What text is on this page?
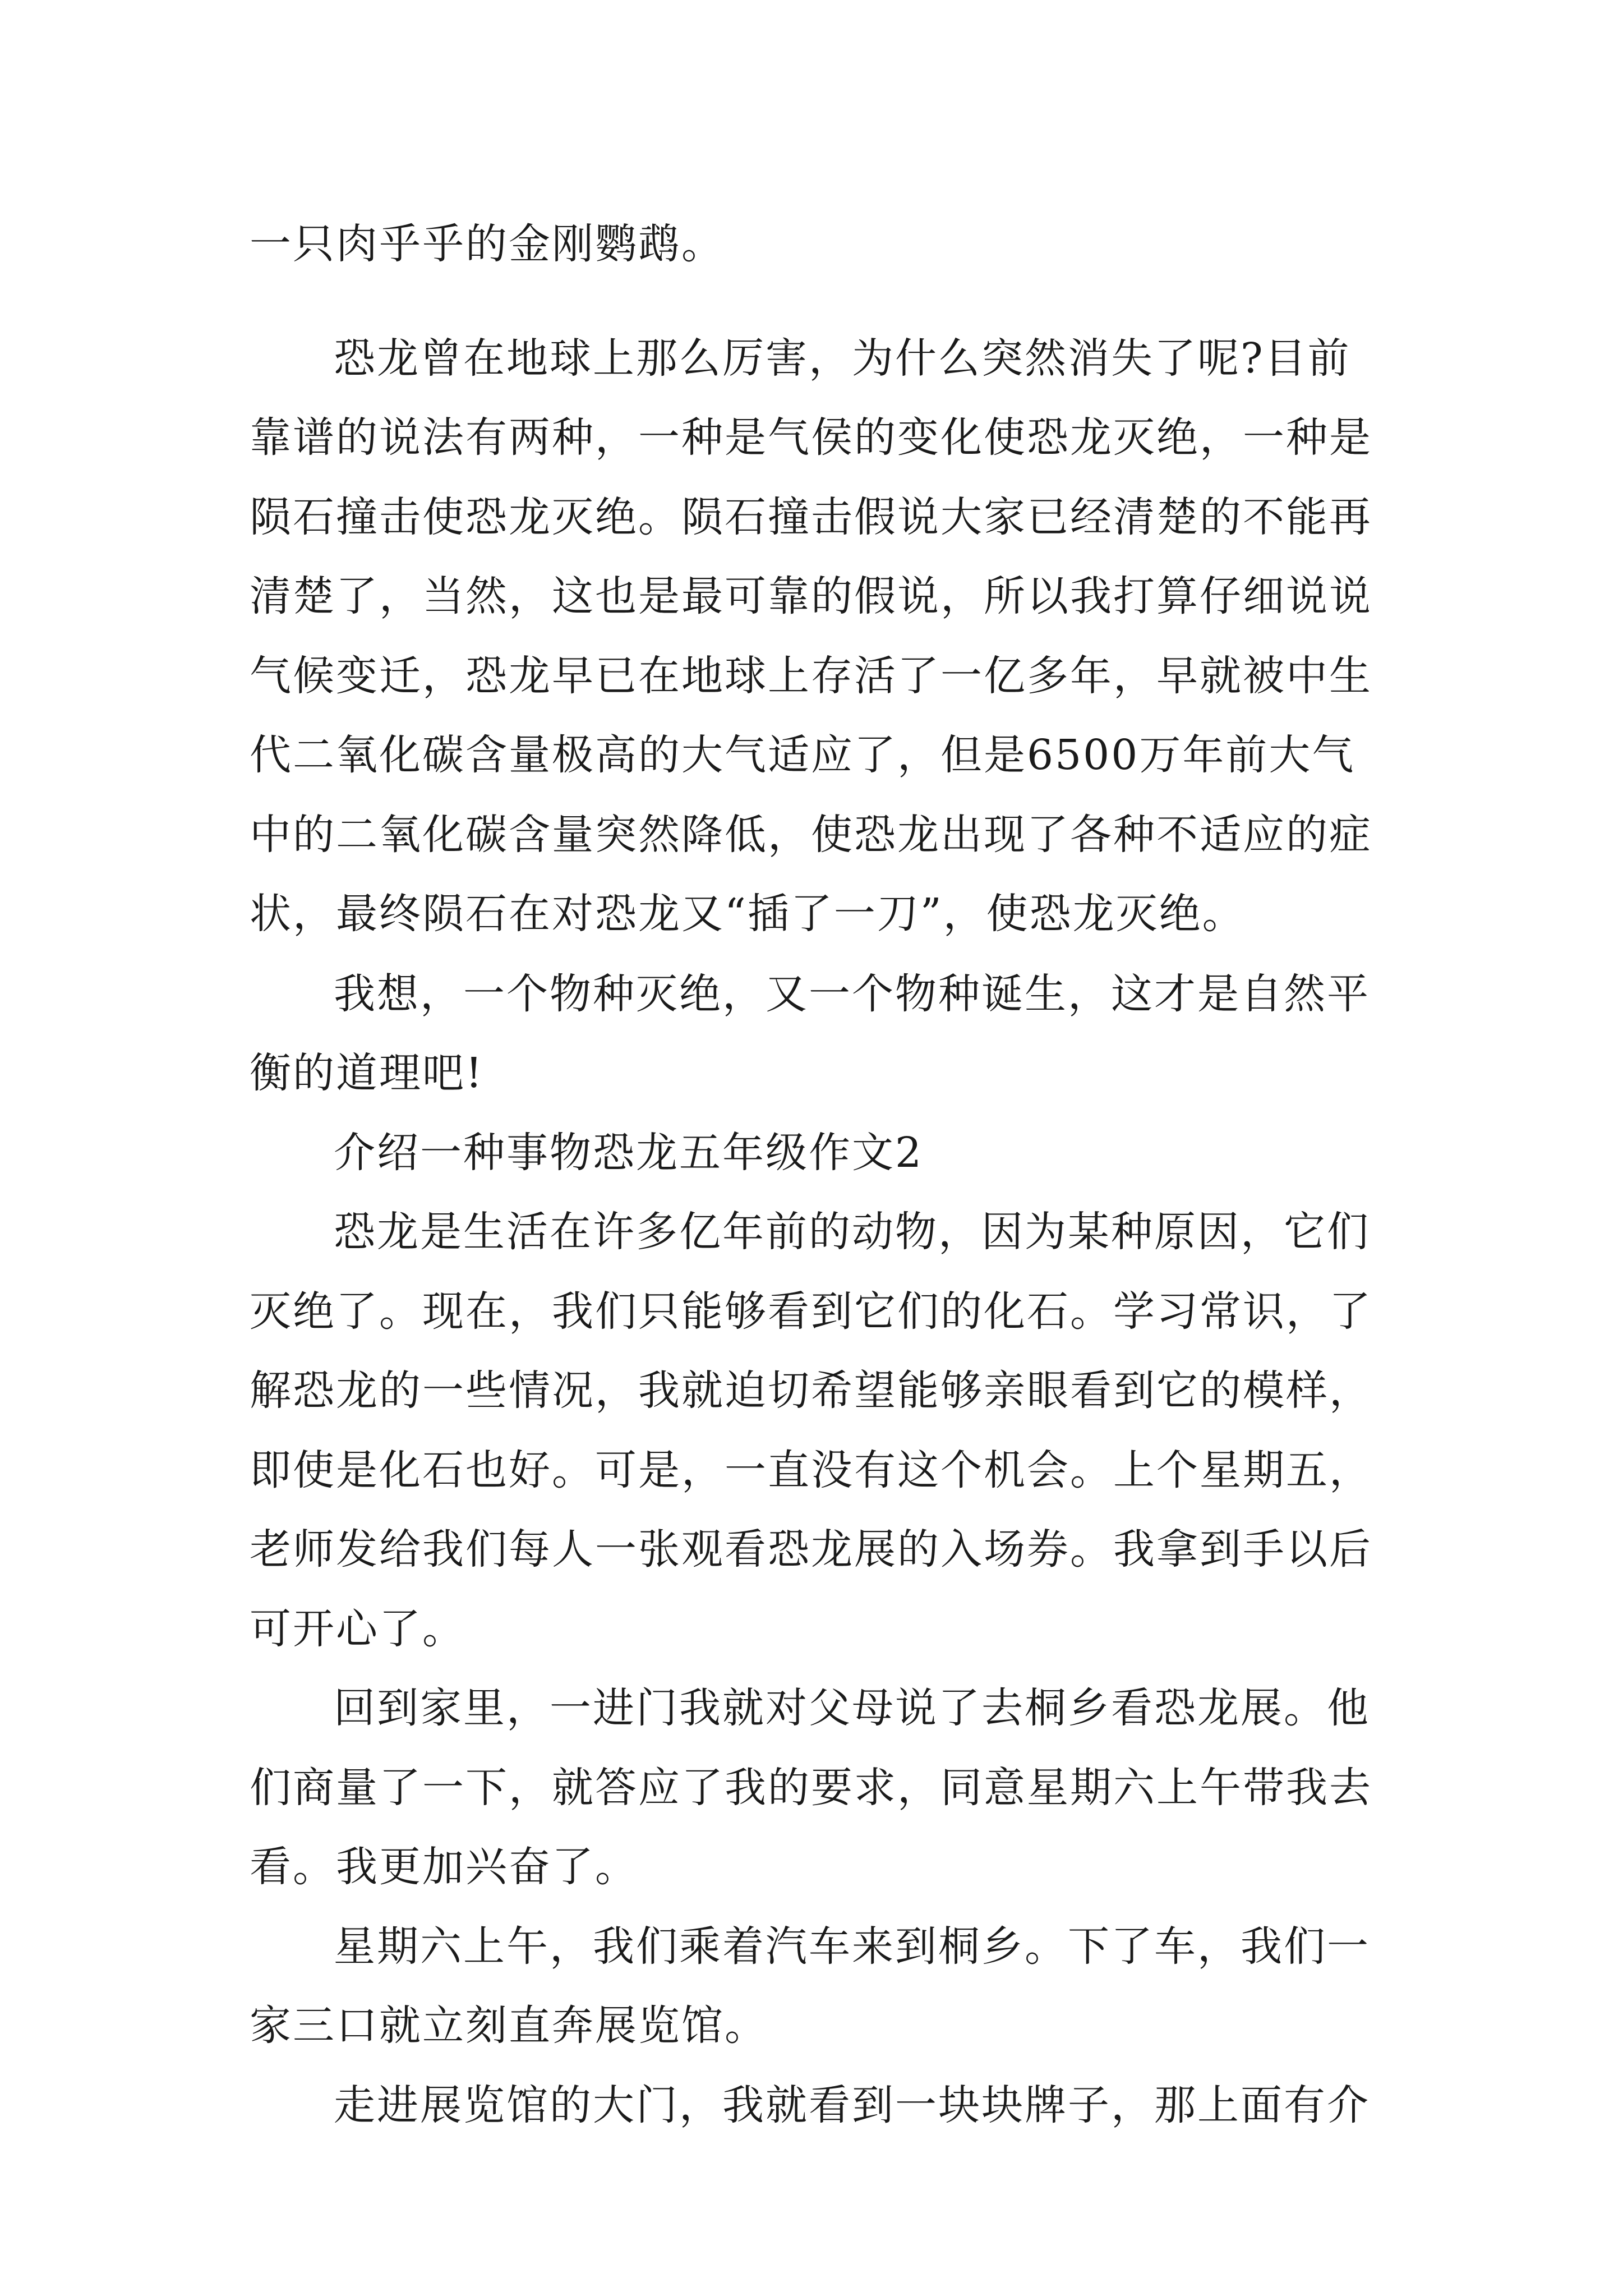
一只肉乎乎的金刚鹦鹉。
恐龙曾在地球上那么厉害，为什么突然消失了呢?目前
靠谱的说法有两种，一种是气侯的变化使恐龙灭绝，一种是
陨石撞击使恐龙灭绝。陨石撞击假说大家已经清楚的不能再
清楚了，当然，这也是最可靠的假说，所以我打算仔细说说
气候变迁，恐龙早已在地球上存活了一亿多年，早就被中生
代二氧化碳含量极高的大气适应了，但是6500万年前大气
中的二氧化碳含量突然降低，使恐龙出现了各种不适应的症
状，最终陨石在对恐龙又“插了一刀”，使恐龙灭绝。
我想，一个物种灭绝，又一个物种诞生，这才是自然平
衡的道理吧!
介绍一种事物恐龙五年级作文2
恐龙是生活在许多亿年前的动物，因为某种原因，它们
灭绝了。现在，我们只能够看到它们的化石。学习常识，了
解恐龙的一些情况，我就迫切希望能够亲眼看到它的模样，
即使是化石也好。可是，一直没有这个机会。上个星期五，
老师发给我们每人一张观看恐龙展的入场券。我拿到手以后
可开心了。
回到家里，一进门我就对父母说了去桐乡看恐龙展。他
们商量了一下，就答应了我的要求，同意星期六上午带我去
看。我更加兴奋了。
星期六上午，我们乘着汽车来到桐乡。下了车，我们一
家三口就立刻直奔展览馆。
走进展览馆的大门，我就看到一块块牌子，那上面有介
